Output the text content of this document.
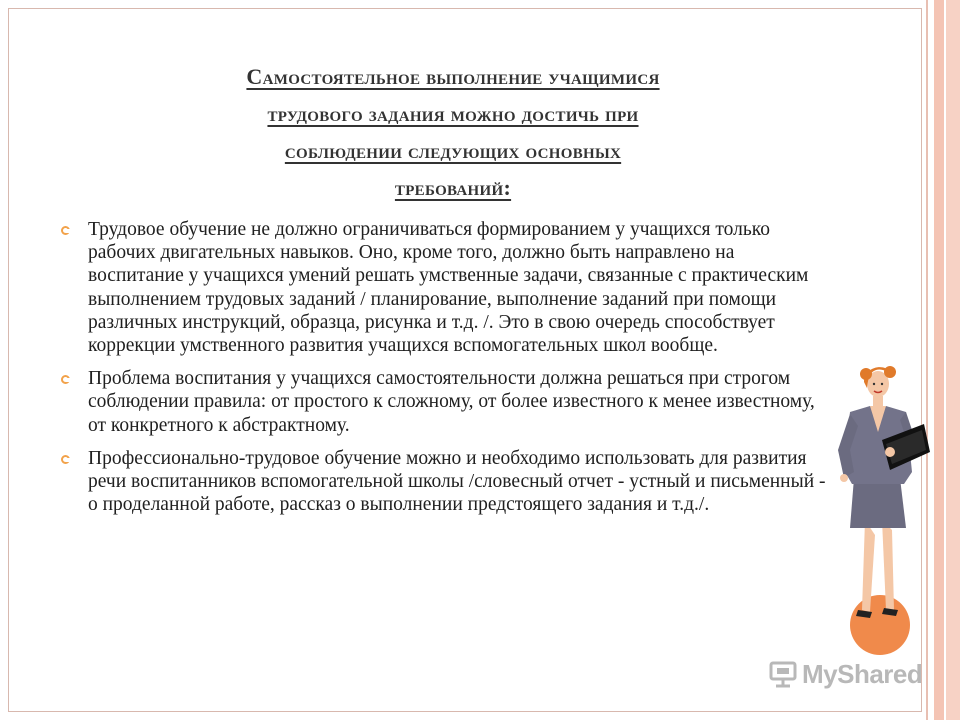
Самостоятельное выполнение учащимися
трудового задания можно достичь при
соблюдении следующих основных
требований:
Трудовое обучение не должно ограничиваться формированием у учащихся только рабочих двигательных навыков. Оно, кроме того, должно быть направлено на воспитание у учащихся умений решать умственные задачи, связанные с практическим выполнением трудовых заданий / планирование, выполнение заданий при помощи различных инструкций, образца, рисунка и т.д. /. Это в свою очередь способствует коррекции умственного развития учащихся вспомогательных школ вообще.
Проблема воспитания у учащихся самостоятельности должна решаться при строгом соблюдении правила: от простого к сложному, от более известного к менее известному, от конкретного к абстрактному.
Профессионально-трудовое обучение можно и необходимо использовать для развития речи воспитанников вспомогательной школы /словесный отчет - устный и письменный - о проделанной работе, рассказ о выполнении предстоящего задания и т.д./.
MyShared
